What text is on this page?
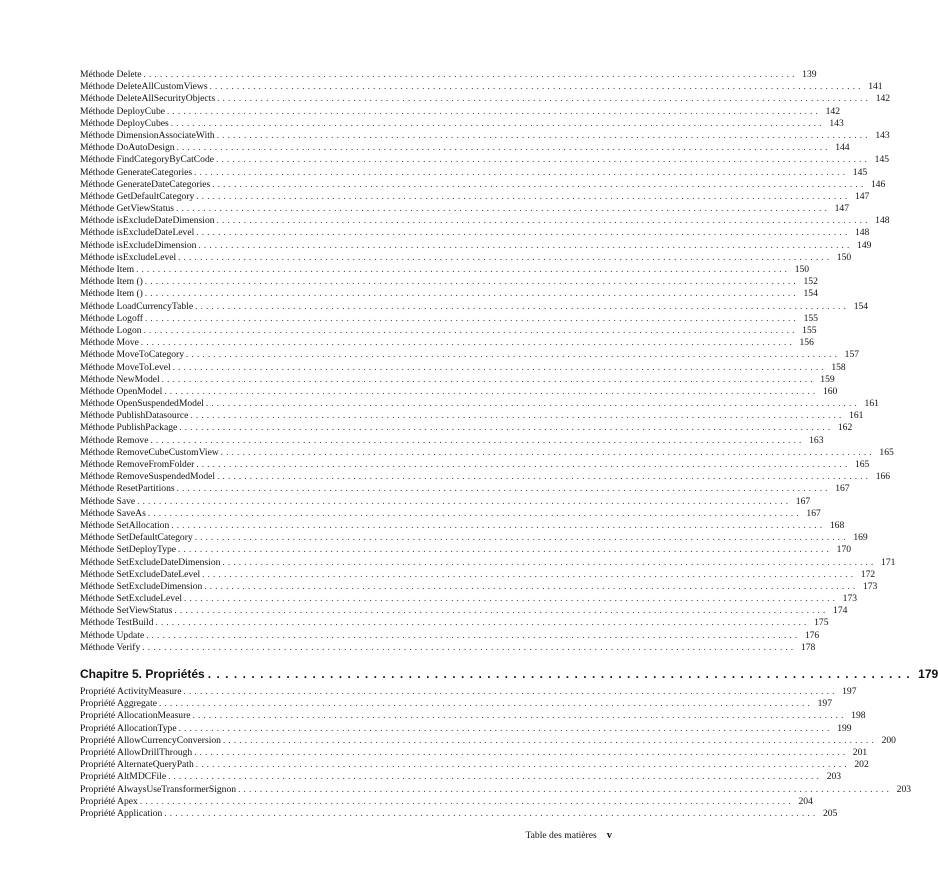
Méthode Delete ........................................................................................................................ 139
Méthode DeleteAllCustomViews ........................................................................................................................ 141
Méthode DeleteAllSecurityObjects ........................................................................................................................ 142
Méthode DeployCube ........................................................................................................................ 142
Méthode DeployCubes ........................................................................................................................ 143
Méthode DimensionAssociateWith ........................................................................................................................ 143
Méthode DoAutoDesign ........................................................................................................................ 144
Méthode FindCategoryByCatCode ........................................................................................................................ 145
Méthode GenerateCategories ........................................................................................................................ 145
Méthode GenerateDateCategories ........................................................................................................................ 146
Méthode GetDefaultCategory ........................................................................................................................ 147
Méthode GetViewStatus ........................................................................................................................ 147
Méthode isExcludeDateDimension ........................................................................................................................ 148
Méthode isExcludeDateLevel ........................................................................................................................ 148
Méthode isExcludeDimension ........................................................................................................................ 149
Méthode isExcludeLevel ........................................................................................................................ 150
Méthode Item ........................................................................................................................ 150
Méthode Item () ........................................................................................................................ 152
Méthode Item () ........................................................................................................................ 154
Méthode LoadCurrencyTable ........................................................................................................................ 154
Méthode Logoff ........................................................................................................................ 155
Méthode Logon ........................................................................................................................ 155
Méthode Move ........................................................................................................................ 156
Méthode MoveToCategory ........................................................................................................................ 157
Méthode MoveToLevel ........................................................................................................................ 158
Méthode NewModel ........................................................................................................................ 159
Méthode OpenModel ........................................................................................................................ 160
Méthode OpenSuspendedModel ........................................................................................................................ 161
Méthode PublishDatasource ........................................................................................................................ 161
Méthode PublishPackage ........................................................................................................................ 162
Méthode Remove ........................................................................................................................ 163
Méthode RemoveCubeCustomView ........................................................................................................................ 165
Méthode RemoveFromFolder ........................................................................................................................ 165
Méthode RemoveSuspendedModel ........................................................................................................................ 166
Méthode ResetPartitions ........................................................................................................................ 167
Méthode Save ........................................................................................................................ 167
Méthode SaveAs ........................................................................................................................ 167
Méthode SetAllocation ........................................................................................................................ 168
Méthode SetDefaultCategory ........................................................................................................................ 169
Méthode SetDeployType ........................................................................................................................ 170
Méthode SetExcludeDateDimension ........................................................................................................................ 171
Méthode SetExcludeDateLevel ........................................................................................................................ 172
Méthode SetExcludeDimension ........................................................................................................................ 173
Méthode SetExcludeLevel ........................................................................................................................ 173
Méthode SetViewStatus ........................................................................................................................ 174
Méthode TestBuild ........................................................................................................................ 175
Méthode Update ........................................................................................................................ 176
Méthode Verify ........................................................................................................................ 178
Chapitre 5. Propriétés ................................................................................. 179
Propriété ActivityMeasure ........................................................................................................................ 197
Propriété Aggregate ........................................................................................................................ 197
Propriété AllocationMeasure ........................................................................................................................ 198
Propriété AllocationType ........................................................................................................................ 199
Propriété AllowCurrencyConversion ........................................................................................................................ 200
Propriété AllowDrillThrough ........................................................................................................................ 201
Propriété AlternateQueryPath ........................................................................................................................ 202
Propriété AltMDCFile ........................................................................................................................ 203
Propriété AlwaysUseTransformerSignon ........................................................................................................................ 203
Propriété Apex ........................................................................................................................ 204
Propriété Application ........................................................................................................................ 205
Table des matières v
